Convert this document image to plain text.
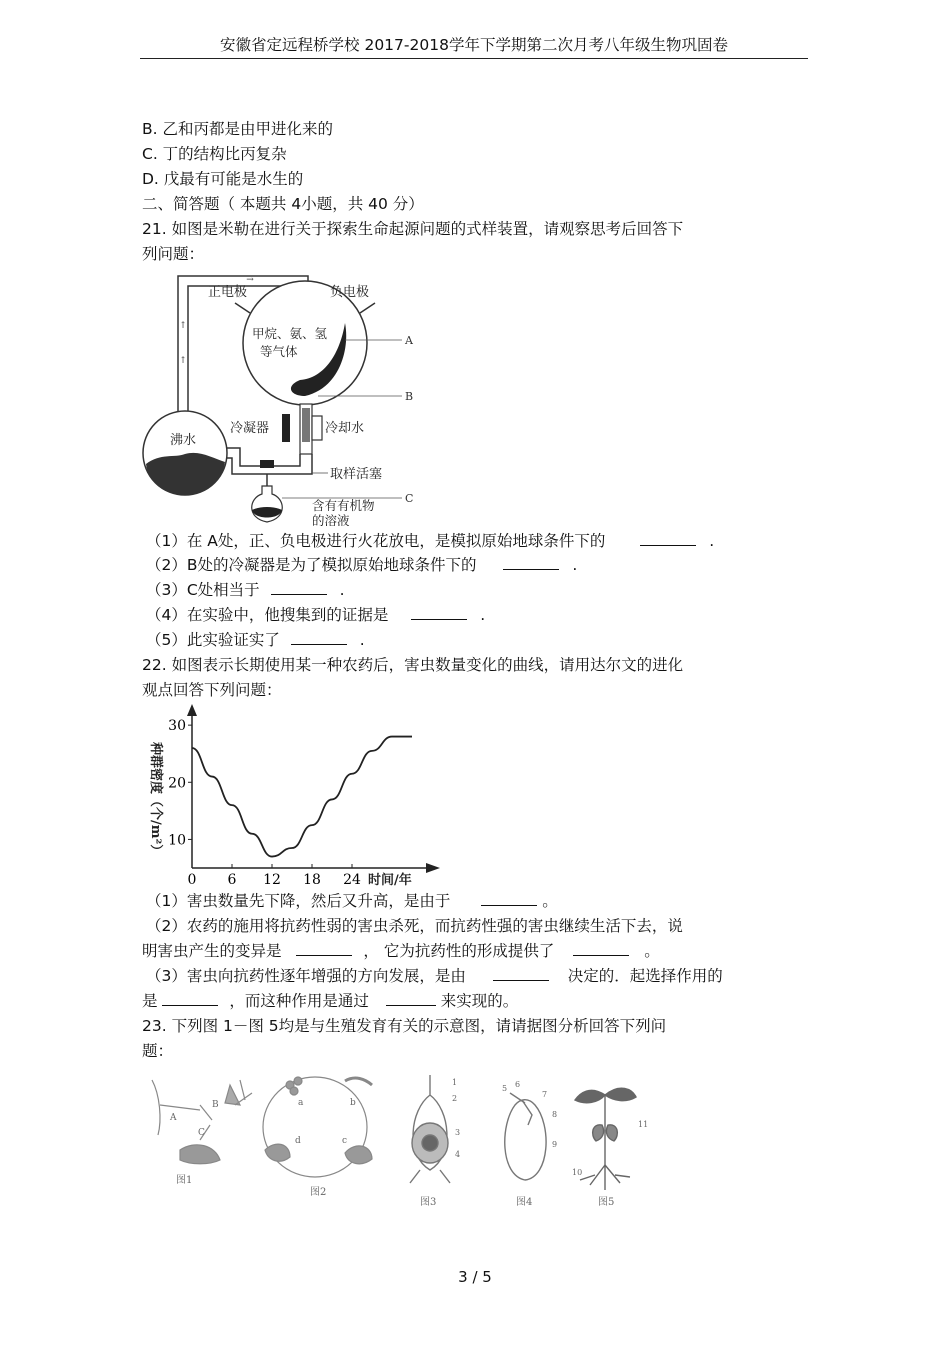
安徽省定远程桥学校 2017-2018学年下学期第二次月考八年级生物巩固卷
B. 乙和丙都是由甲进化来的
C. 丁的结构比丙复杂
D. 戊最有可能是水生的
二、简答题（ 本题共 4小题，共 40 分）
21. 如图是米勒在进行关于探索生命起源问题的式样装置，请观察思考后回答下
列问题：
↑
↑
→
正电极	负电极
甲烷、氨、氢
等气体
A
B
冷凝器	冷却水
沸水
取样活塞
C
含有有机物
的溶液
（1）在 A处，正、负电极进行火花放电，是模拟原始地球条件下的	.
（2）B处的冷凝器是为了模拟原始地球条件下的	.
（3）C处相当于	.
（4）在实验中，他搜集到的证据是	.
（5）此实验证实了	.
22. 如图表示长期使用某一种农药后，害虫数量变化的曲线，请用达尔文的进化
观点回答下列问题：
种群密度（个/m²）
时间/年
10
20
30
0 6 12 18 24
（1）害虫数量先下降，然后又升高，是由于	。
（2）农药的施用将抗药性弱的害虫杀死，而抗药性强的害虫继续生活下去，说
明害虫产生的变异是	， 它为抗药性的形成提供了	。
（3）害虫向抗药性逐年增强的方向发展，是由	决定的．起选择作用的
是	，而这种作用是通过	来实现的。
23. 下列图 1－图 5均是与生殖发育有关的示意图，请请据图分析回答下列问
题：
A
B
C
图1
a	b
c
d
图2
1
2
3
4
图3
5 6
7
8
9
图4
11
10
图5
3 / 5
